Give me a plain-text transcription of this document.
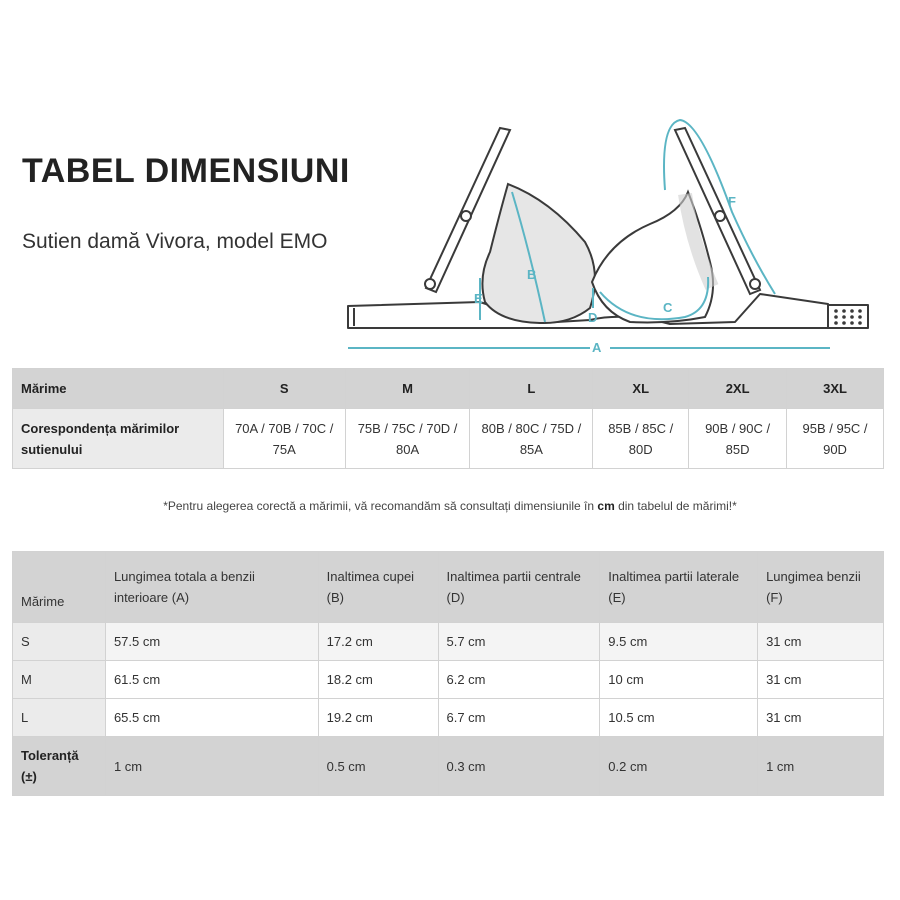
TABEL DIMENSIUNI
Sutien damă Vivora, model EMO
A
B
C
D
E
F
Mărime	S	M	L	XL	2XL	3XL
Corespondența mărimilor sutienului	70A / 70B / 70C / 75A	75B / 75C / 70D / 80A	80B / 80C / 75D / 85A	85B / 85C / 80D	90B / 90C / 85D	95B / 95C / 90D

*Pentru alegerea corectă a mărimii, vă recomandăm să consultați dimensiunile în cm din tabelul de mărimi!*

Mărime	Lungimea totala a benzii interioare (A)	Inaltimea cupei (B)	Inaltimea partii centrale (D)	Inaltimea partii laterale (E)	Lungimea benzii (F)
S	57.5 cm	17.2 cm	5.7 cm	9.5 cm	31 cm
M	61.5 cm	18.2 cm	6.2 cm	10 cm	31 cm
L	65.5 cm	19.2 cm	6.7 cm	10.5 cm	31 cm
Toleranță (±)	1 cm	0.5 cm	0.3 cm	0.2 cm	1 cm
